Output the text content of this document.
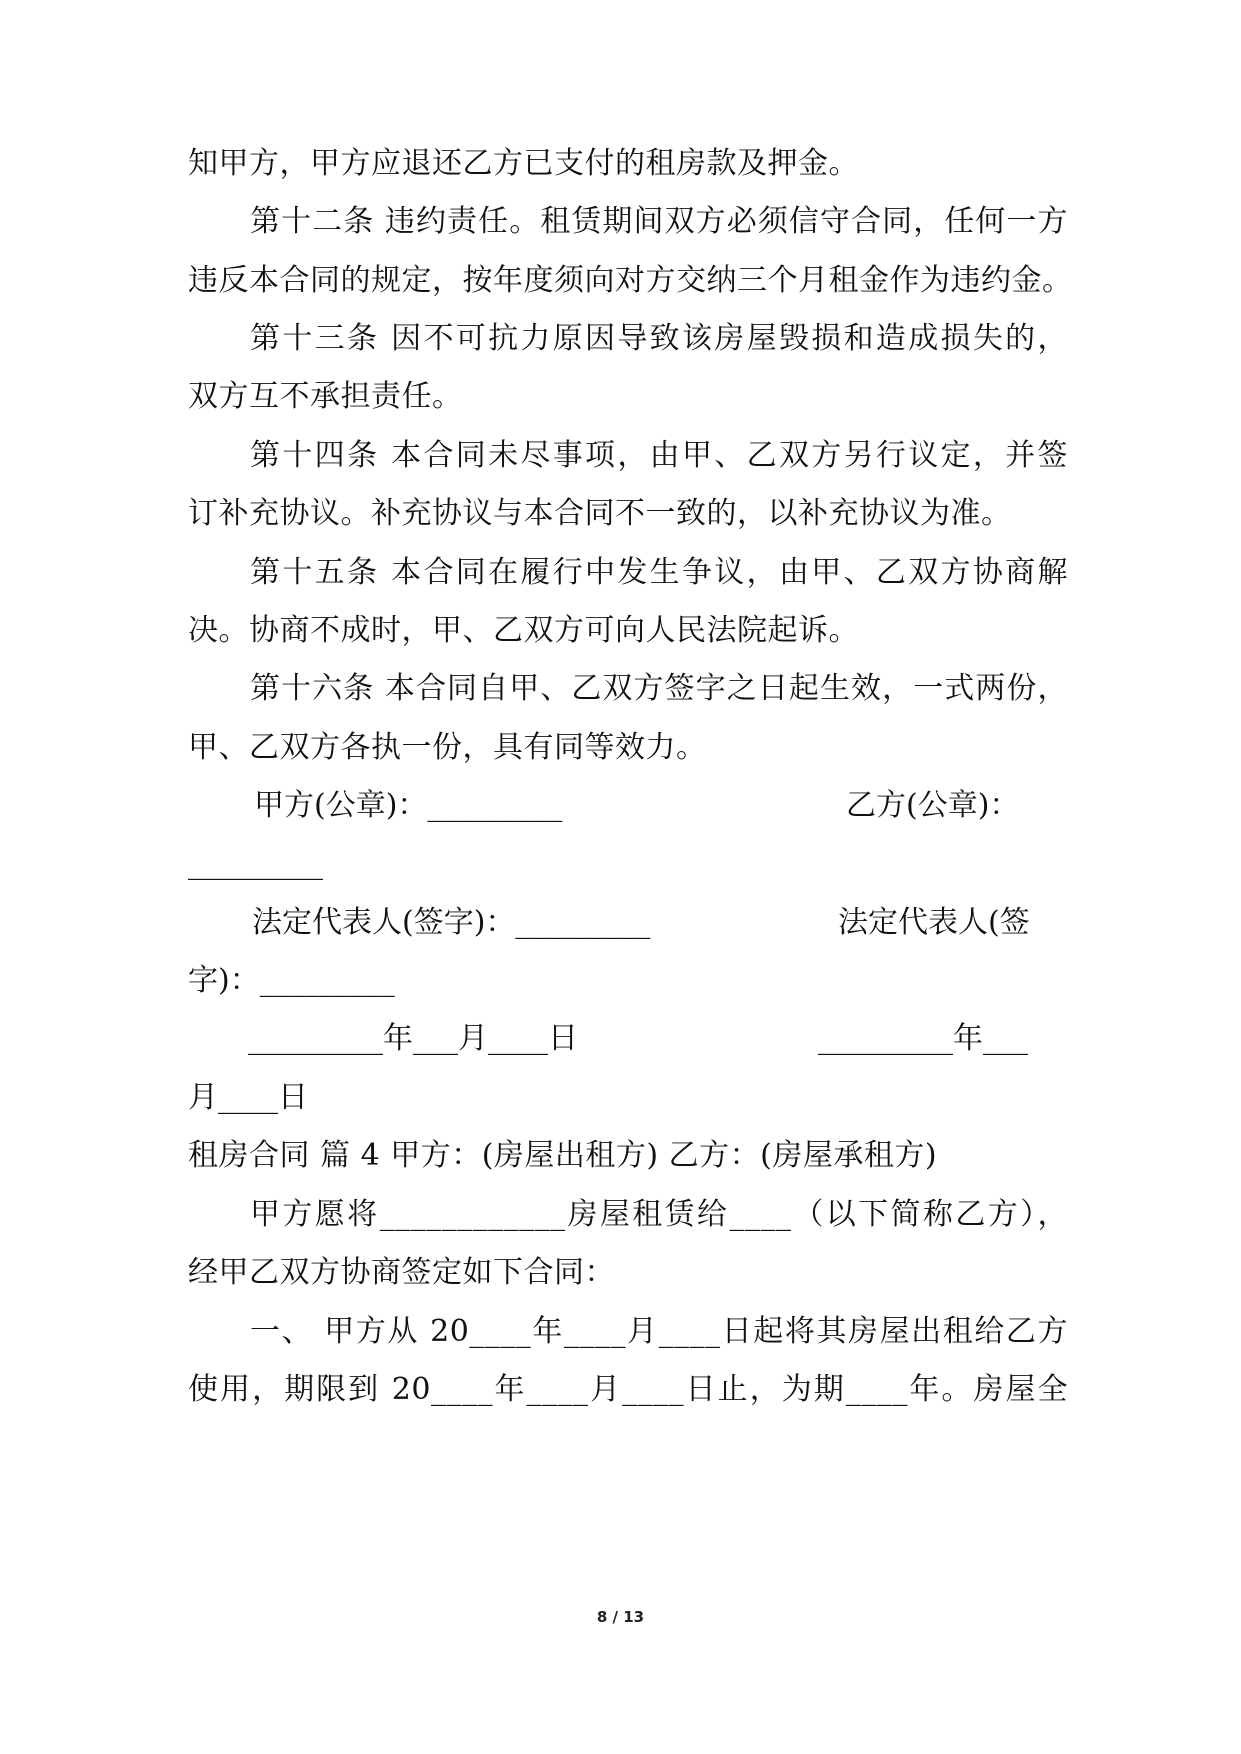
知甲方，甲方应退还乙方已支付的租房款及押金。
第十二条 违约责任。租赁期间双方必须信守合同，任何一方
违反本合同的规定，按年度须向对方交纳三个月租金作为违约金。
第十三条 因不可抗力原因导致该房屋毁损和造成损失的，
双方互不承担责任。
第十四条 本合同未尽事项，由甲、乙双方另行议定，并签
订补充协议。补充协议与本合同不一致的，以补充协议为准。
第十五条 本合同在履行中发生争议，由甲、乙双方协商解
决。协商不成时，甲、乙双方可向人民法院起诉。
第十六条 本合同自甲、乙双方签字之日起生效，一式两份，
甲、乙双方各执一份，具有同等效力。
甲方(公章)：_________	乙方(公章)：
_________
法定代表人(签字)：_________	法定代表人(签
字)：_________
_________年___月____日	_________年___
月____日
租房合同 篇 4 甲方：(房屋出租方) 乙方：(房屋承租方)
甲方愿将____________房屋租赁给____（以下简称乙方），
经甲乙双方协商签定如下合同：
一、 甲方从 20____年____月____日起将其房屋出租给乙方
使用，期限到 20____年____月____日止，为期____年。房屋全
8 / 13
